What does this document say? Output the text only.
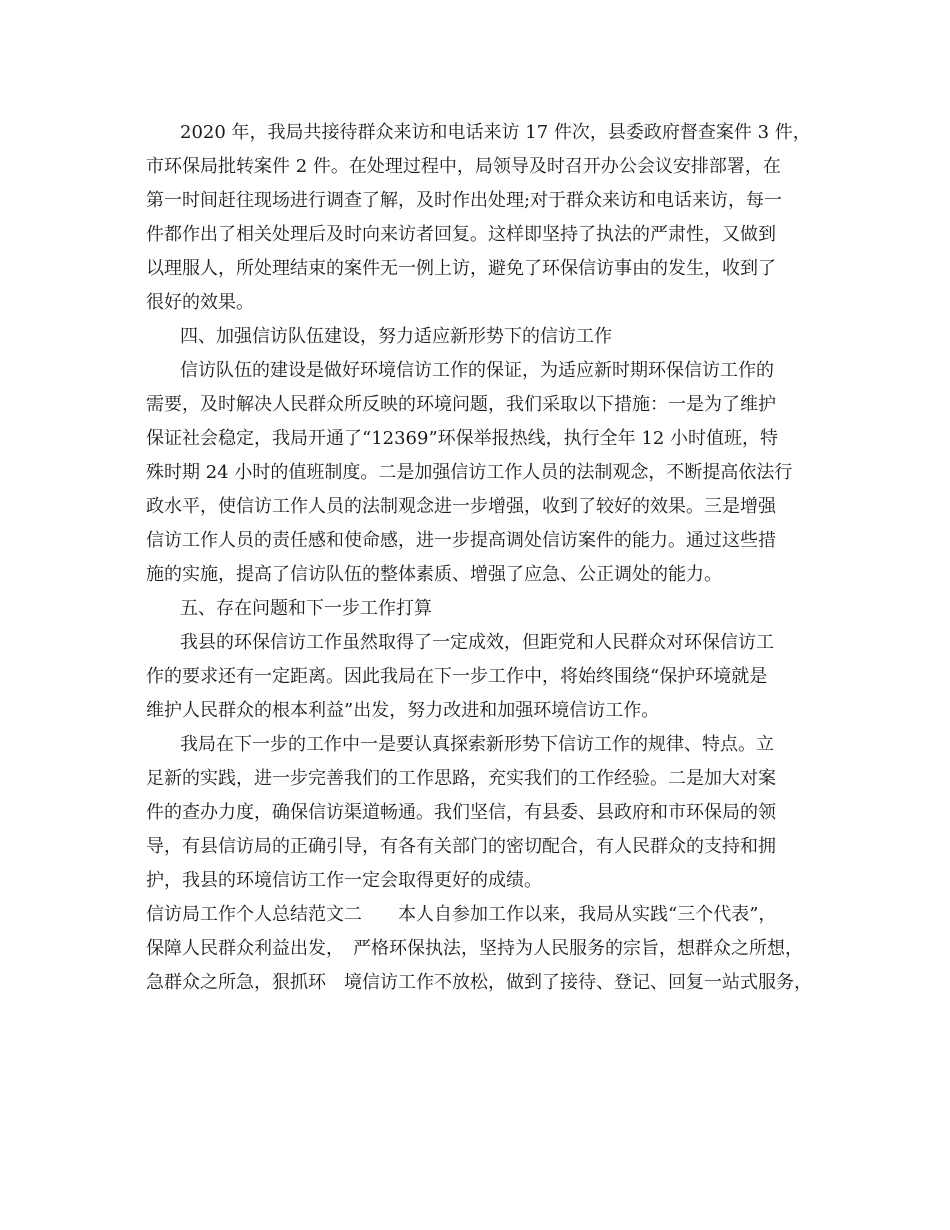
2020 年，我局共接待群众来访和电话来访 17 件次，县委政府督查案件 3 件，
市环保局批转案件 2 件。在处理过程中，局领导及时召开办公会议安排部署，在
第一时间赶往现场进行调查了解，及时作出处理;对于群众来访和电话来访，每一
件都作出了相关处理后及时向来访者回复。这样即坚持了执法的严肃性，又做到
以理服人，所处理结束的案件无一例上访，避免了环保信访事由的发生，收到了
很好的效果。
四、加强信访队伍建设，努力适应新形势下的信访工作
信访队伍的建设是做好环境信访工作的保证，为适应新时期环保信访工作的
需要，及时解决人民群众所反映的环境问题，我们采取以下措施：一是为了维护
保证社会稳定，我局开通了“12369”环保举报热线，执行全年 12 小时值班，特
殊时期 24 小时的值班制度。二是加强信访工作人员的法制观念，不断提高依法行
政水平，使信访工作人员的法制观念进一步增强，收到了较好的效果。三是增强
信访工作人员的责任感和使命感，进一步提高调处信访案件的能力。通过这些措
施的实施，提高了信访队伍的整体素质、增强了应急、公正调处的能力。
五、存在问题和下一步工作打算
我县的环保信访工作虽然取得了一定成效，但距党和人民群众对环保信访工
作的要求还有一定距离。因此我局在下一步工作中，将始终围绕“保护环境就是
维护人民群众的根本利益”出发，努力改进和加强环境信访工作。
我局在下一步的工作中一是要认真探索新形势下信访工作的规律、特点。立
足新的实践，进一步完善我们的工作思路，充实我们的工作经验。二是加大对案
件的查办力度，确保信访渠道畅通。我们坚信，有县委、县政府和市环保局的领
导，有县信访局的正确引导，有各有关部门的密切配合，有人民群众的支持和拥
护，我县的环境信访工作一定会取得更好的成绩。
信访局工作个人总结范文二　　本人自参加工作以来，我局从实践“三个代表”，
保障人民群众利益出发，　严格环保执法，坚持为人民服务的宗旨，想群众之所想，
急群众之所急，狠抓环　境信访工作不放松，做到了接待、登记、回复一站式服务，
